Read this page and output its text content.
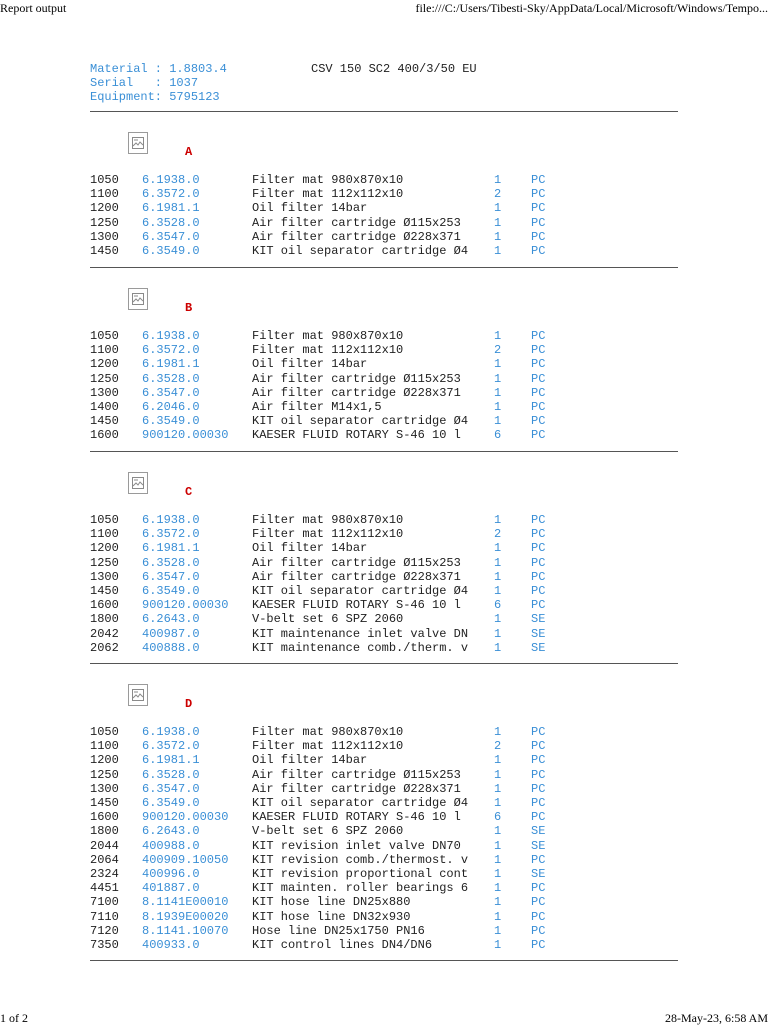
Report output	file:///C:/Users/Tibesti-Sky/AppData/Local/Microsoft/Windows/Tempo...
Material : 1.8803.4
Serial   : 1037
Equipment: 5795123
CSV 150 SC2 400/3/50 EU
A
1050	6.1938.0	Filter mat 980x870x10	1	PC
1100	6.3572.0	Filter mat 112x112x10	2	PC
1200	6.1981.1	Oil filter 14bar	1	PC
1250	6.3528.0	Air filter cartridge Ø115x253	1	PC
1300	6.3547.0	Air filter cartridge Ø228x371	1	PC
1450	6.3549.0	KIT oil separator cartridge Ø4	1	PC
B
1050	6.1938.0	Filter mat 980x870x10	1	PC
1100	6.3572.0	Filter mat 112x112x10	2	PC
1200	6.1981.1	Oil filter 14bar	1	PC
1250	6.3528.0	Air filter cartridge Ø115x253	1	PC
1300	6.3547.0	Air filter cartridge Ø228x371	1	PC
1400	6.2046.0	Air filter M14x1,5	1	PC
1450	6.3549.0	KIT oil separator cartridge Ø4	1	PC
1600	900120.00030	KAESER FLUID ROTARY S-46 10 l	6	PC
C
1050	6.1938.0	Filter mat 980x870x10	1	PC
1100	6.3572.0	Filter mat 112x112x10	2	PC
1200	6.1981.1	Oil filter 14bar	1	PC
1250	6.3528.0	Air filter cartridge Ø115x253	1	PC
1300	6.3547.0	Air filter cartridge Ø228x371	1	PC
1450	6.3549.0	KIT oil separator cartridge Ø4	1	PC
1600	900120.00030	KAESER FLUID ROTARY S-46 10 l	6	PC
1800	6.2643.0	V-belt set 6 SPZ 2060	1	SE
2042	400987.0	KIT maintenance inlet valve DN	1	SE
2062	400888.0	KIT maintenance comb./therm. v	1	SE
D
1050	6.1938.0	Filter mat 980x870x10	1	PC
1100	6.3572.0	Filter mat 112x112x10	2	PC
1200	6.1981.1	Oil filter 14bar	1	PC
1250	6.3528.0	Air filter cartridge Ø115x253	1	PC
1300	6.3547.0	Air filter cartridge Ø228x371	1	PC
1450	6.3549.0	KIT oil separator cartridge Ø4	1	PC
1600	900120.00030	KAESER FLUID ROTARY S-46 10 l	6	PC
1800	6.2643.0	V-belt set 6 SPZ 2060	1	SE
2044	400988.0	KIT revision inlet valve DN70	1	SE
2064	400909.10050	KIT revision comb./thermost. v	1	PC
2324	400996.0	KIT revision proportional cont	1	SE
4451	401887.0	KIT mainten. roller bearings 6	1	PC
7100	8.1141E00010	KIT hose line DN25x880	1	PC
7110	8.1939E00020	KIT hose line DN32x930	1	PC
7120	8.1141.10070	Hose line DN25x1750 PN16	1	PC
7350	400933.0	KIT control lines DN4/DN6	1	PC
1 of 2	28-May-23, 6:58 AM
